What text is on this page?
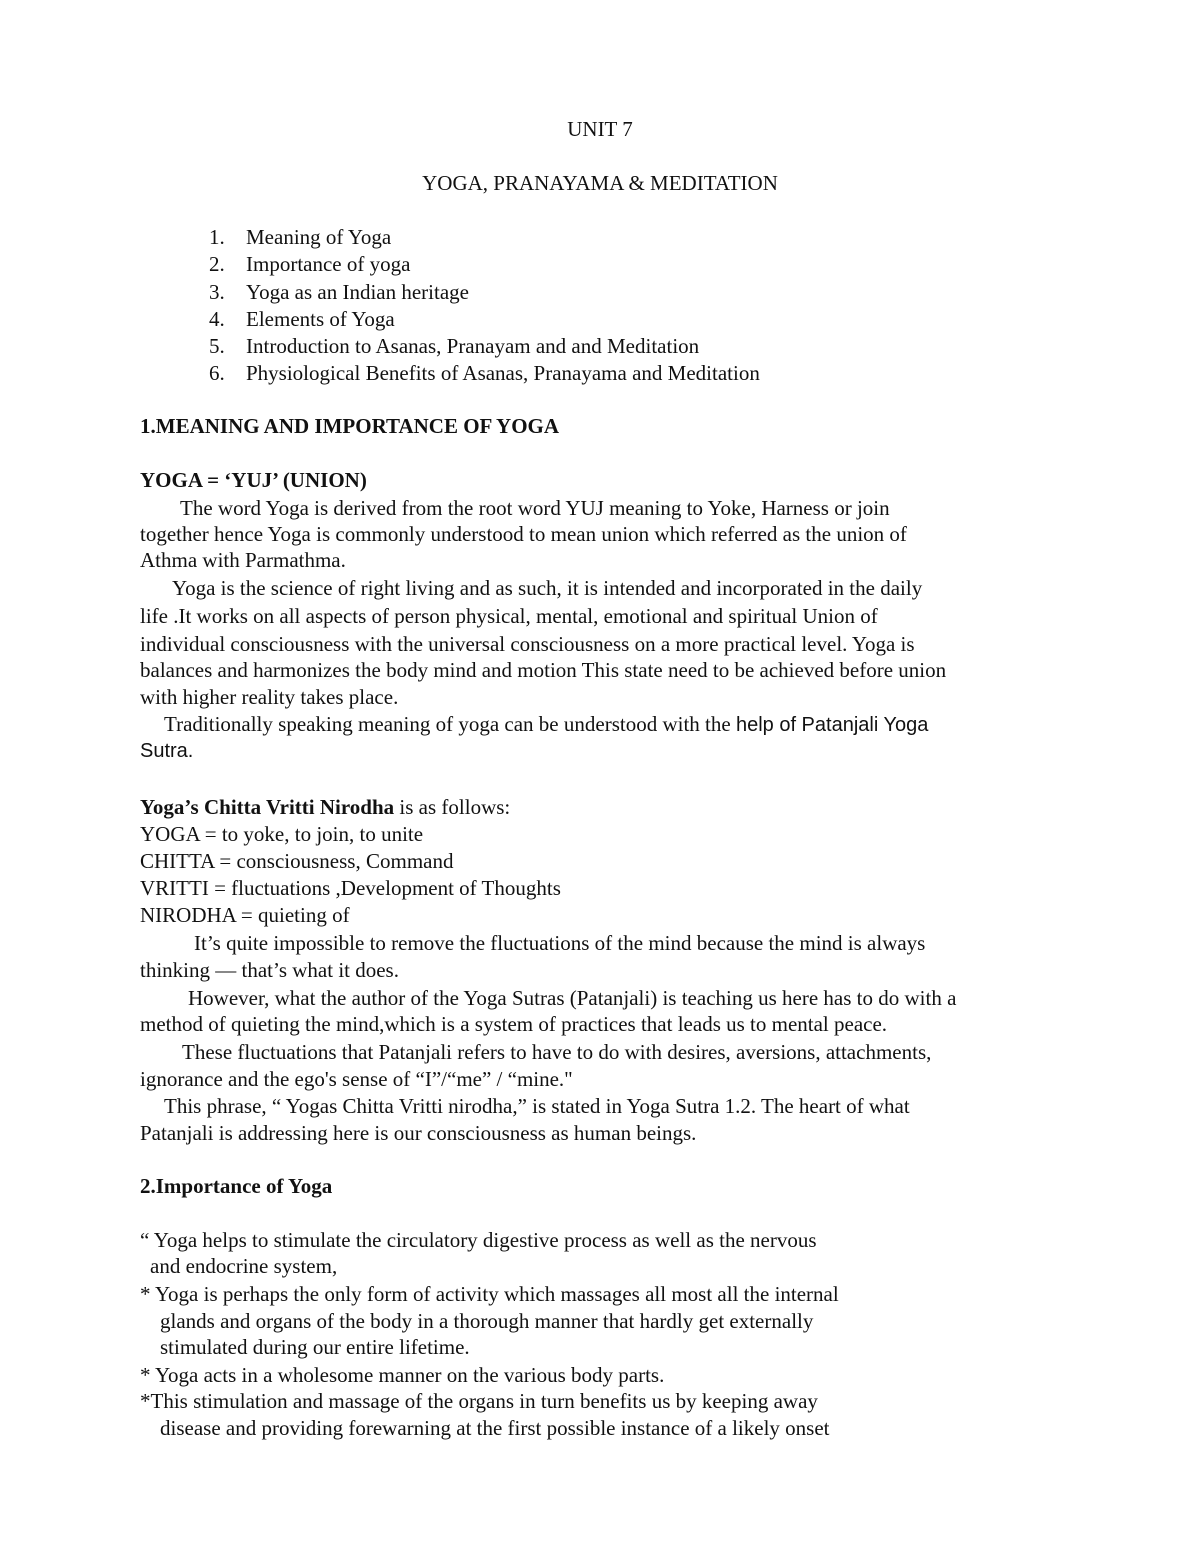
UNIT 7
YOGA, PRANAYAMA & MEDITATION
1. Meaning of Yoga
2. Importance of yoga
3. Yoga as an Indian heritage
4. Elements of Yoga
5. Introduction to Asanas, Pranayam and and Meditation
6. Physiological Benefits of Asanas, Pranayama and Meditation
1.MEANING AND IMPORTANCE OF YOGA
YOGA = ‘YUJ’ (UNION)
The word Yoga is derived from the root word YUJ meaning to Yoke, Harness or join
together hence Yoga is commonly understood to mean union which referred as the union of
Athma with Parmathma.
Yoga is the science of right living and as such, it is intended and incorporated in the daily
life .It works on all aspects of person physical, mental, emotional and spiritual Union of
individual consciousness with the universal consciousness on a more practical level. Yoga is
balances and harmonizes the body mind and motion This state need to be achieved before union
with higher reality takes place.
Traditionally speaking meaning of yoga can be understood with the help of Patanjali Yoga
Sutra.
Yoga’s Chitta Vritti Nirodha is as follows:
YOGA = to yoke, to join, to unite
CHITTA = consciousness, Command
VRITTI = fluctuations ,Development of Thoughts
NIRODHA = quieting of
It’s quite impossible to remove the fluctuations of the mind because the mind is always
thinking — that’s what it does.
However, what the author of the Yoga Sutras (Patanjali) is teaching us here has to do with a
method of quieting the mind,which is a system of practices that leads us to mental peace.
These fluctuations that Patanjali refers to have to do with desires, aversions, attachments,
ignorance and the ego's sense of “I”/“me” / “mine."
This phrase, “ Yogas Chitta Vritti nirodha,” is stated in Yoga Sutra 1.2. The heart of what
Patanjali is addressing here is our consciousness as human beings.
2.Importance of Yoga
“ Yoga helps to stimulate the circulatory digestive process as well as the nervous
and endocrine system,
* Yoga is perhaps the only form of activity which massages all most all the internal
glands and organs of the body in a thorough manner that hardly get externally
stimulated during our entire lifetime.
* Yoga acts in a wholesome manner on the various body parts.
*This stimulation and massage of the organs in turn benefits us by keeping away
disease and providing forewarning at the first possible instance of a likely onset
